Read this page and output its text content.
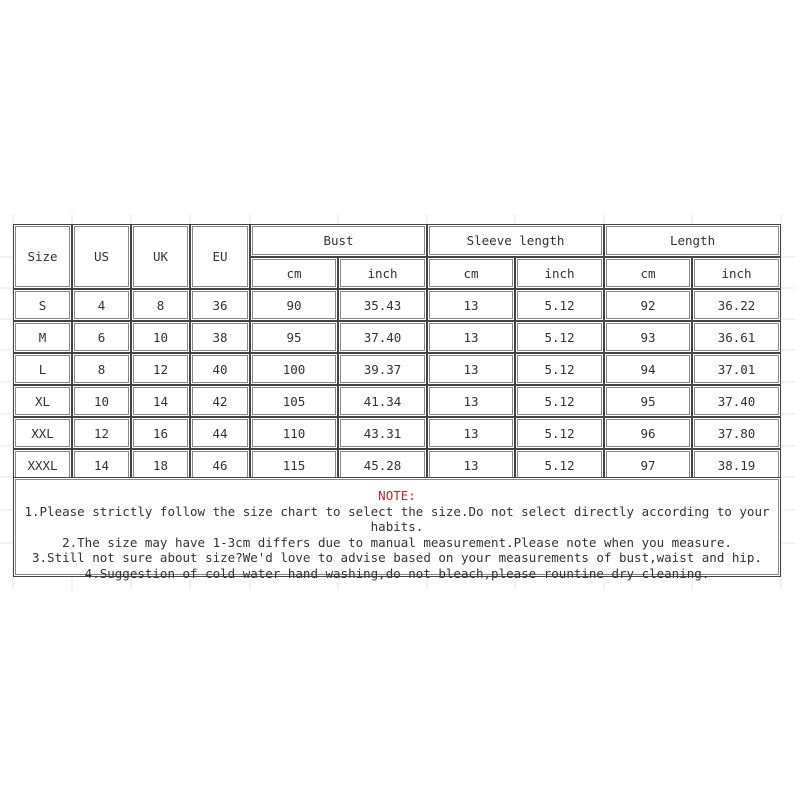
Size	US	UK	EU	Bust		Sleeve length		Length	
				cm	inch	cm	inch	cm	inch
S	4	8	36	90	35.43	13	5.12	92	36.22
M	6	10	38	95	37.40	13	5.12	93	36.61
L	8	12	40	100	39.37	13	5.12	94	37.01
XL	10	14	42	105	41.34	13	5.12	95	37.40
XXL	12	16	44	110	43.31	13	5.12	96	37.80
XXXL	14	18	46	115	45.28	13	5.12	97	38.19
NOTE:
1.Please strictly follow the size chart to select the size.Do not select directly according to your habits.
2.The size may have 1-3cm differs due to manual measurement.Please note when you measure.
3.Still not sure about size?We'd love to advise based on your measurements of bust,waist and hip.
4.Suggestion of cold water hand washing,do not bleach,please rountine dry cleaning.
